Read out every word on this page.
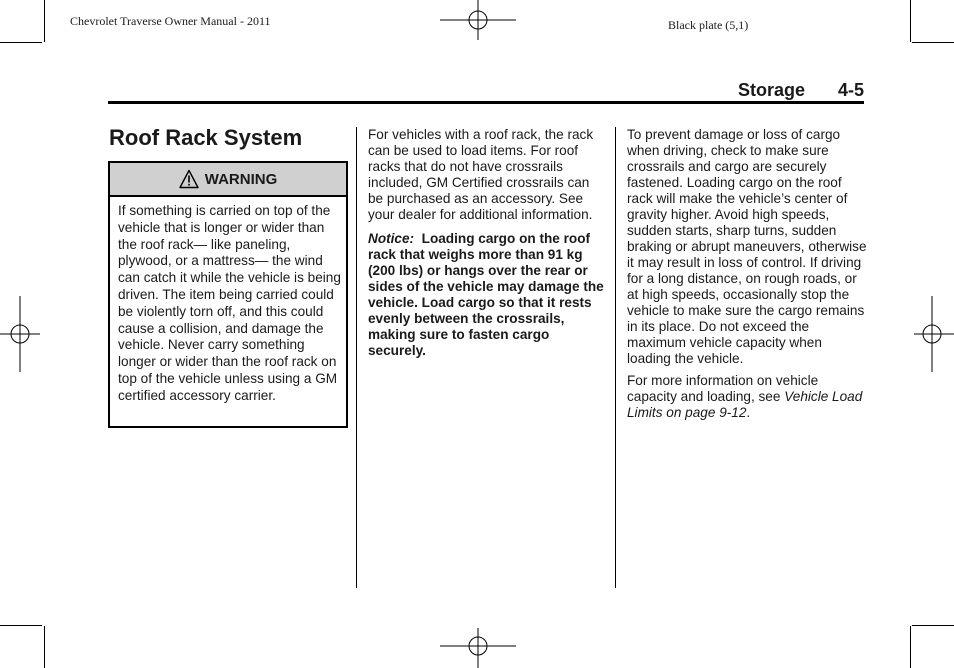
Chevrolet Traverse Owner Manual - 2011	Black plate (5,1)
Storage 4-5
Roof Rack System
WARNING
If something is carried on top of the vehicle that is longer or wider than the roof rack— like paneling, plywood, or a mattress— the wind can catch it while the vehicle is being driven. The item being carried could be violently torn off, and this could cause a collision, and damage the vehicle. Never carry something longer or wider than the roof rack on top of the vehicle unless using a GM certified accessory carrier.

For vehicles with a roof rack, the rack can be used to load items. For roof racks that do not have crossrails included, GM Certified crossrails can be purchased as an accessory. See your dealer for additional information.

Notice: Loading cargo on the roof rack that weighs more than 91 kg (200 lbs) or hangs over the rear or sides of the vehicle may damage the vehicle. Load cargo so that it rests evenly between the crossrails, making sure to fasten cargo securely.

To prevent damage or loss of cargo when driving, check to make sure crossrails and cargo are securely fastened. Loading cargo on the roof rack will make the vehicle’s center of gravity higher. Avoid high speeds, sudden starts, sharp turns, sudden braking or abrupt maneuvers, otherwise it may result in loss of control. If driving for a long distance, on rough roads, or at high speeds, occasionally stop the vehicle to make sure the cargo remains in its place. Do not exceed the maximum vehicle capacity when loading the vehicle.

For more information on vehicle capacity and loading, see Vehicle Load Limits on page 9-12.
